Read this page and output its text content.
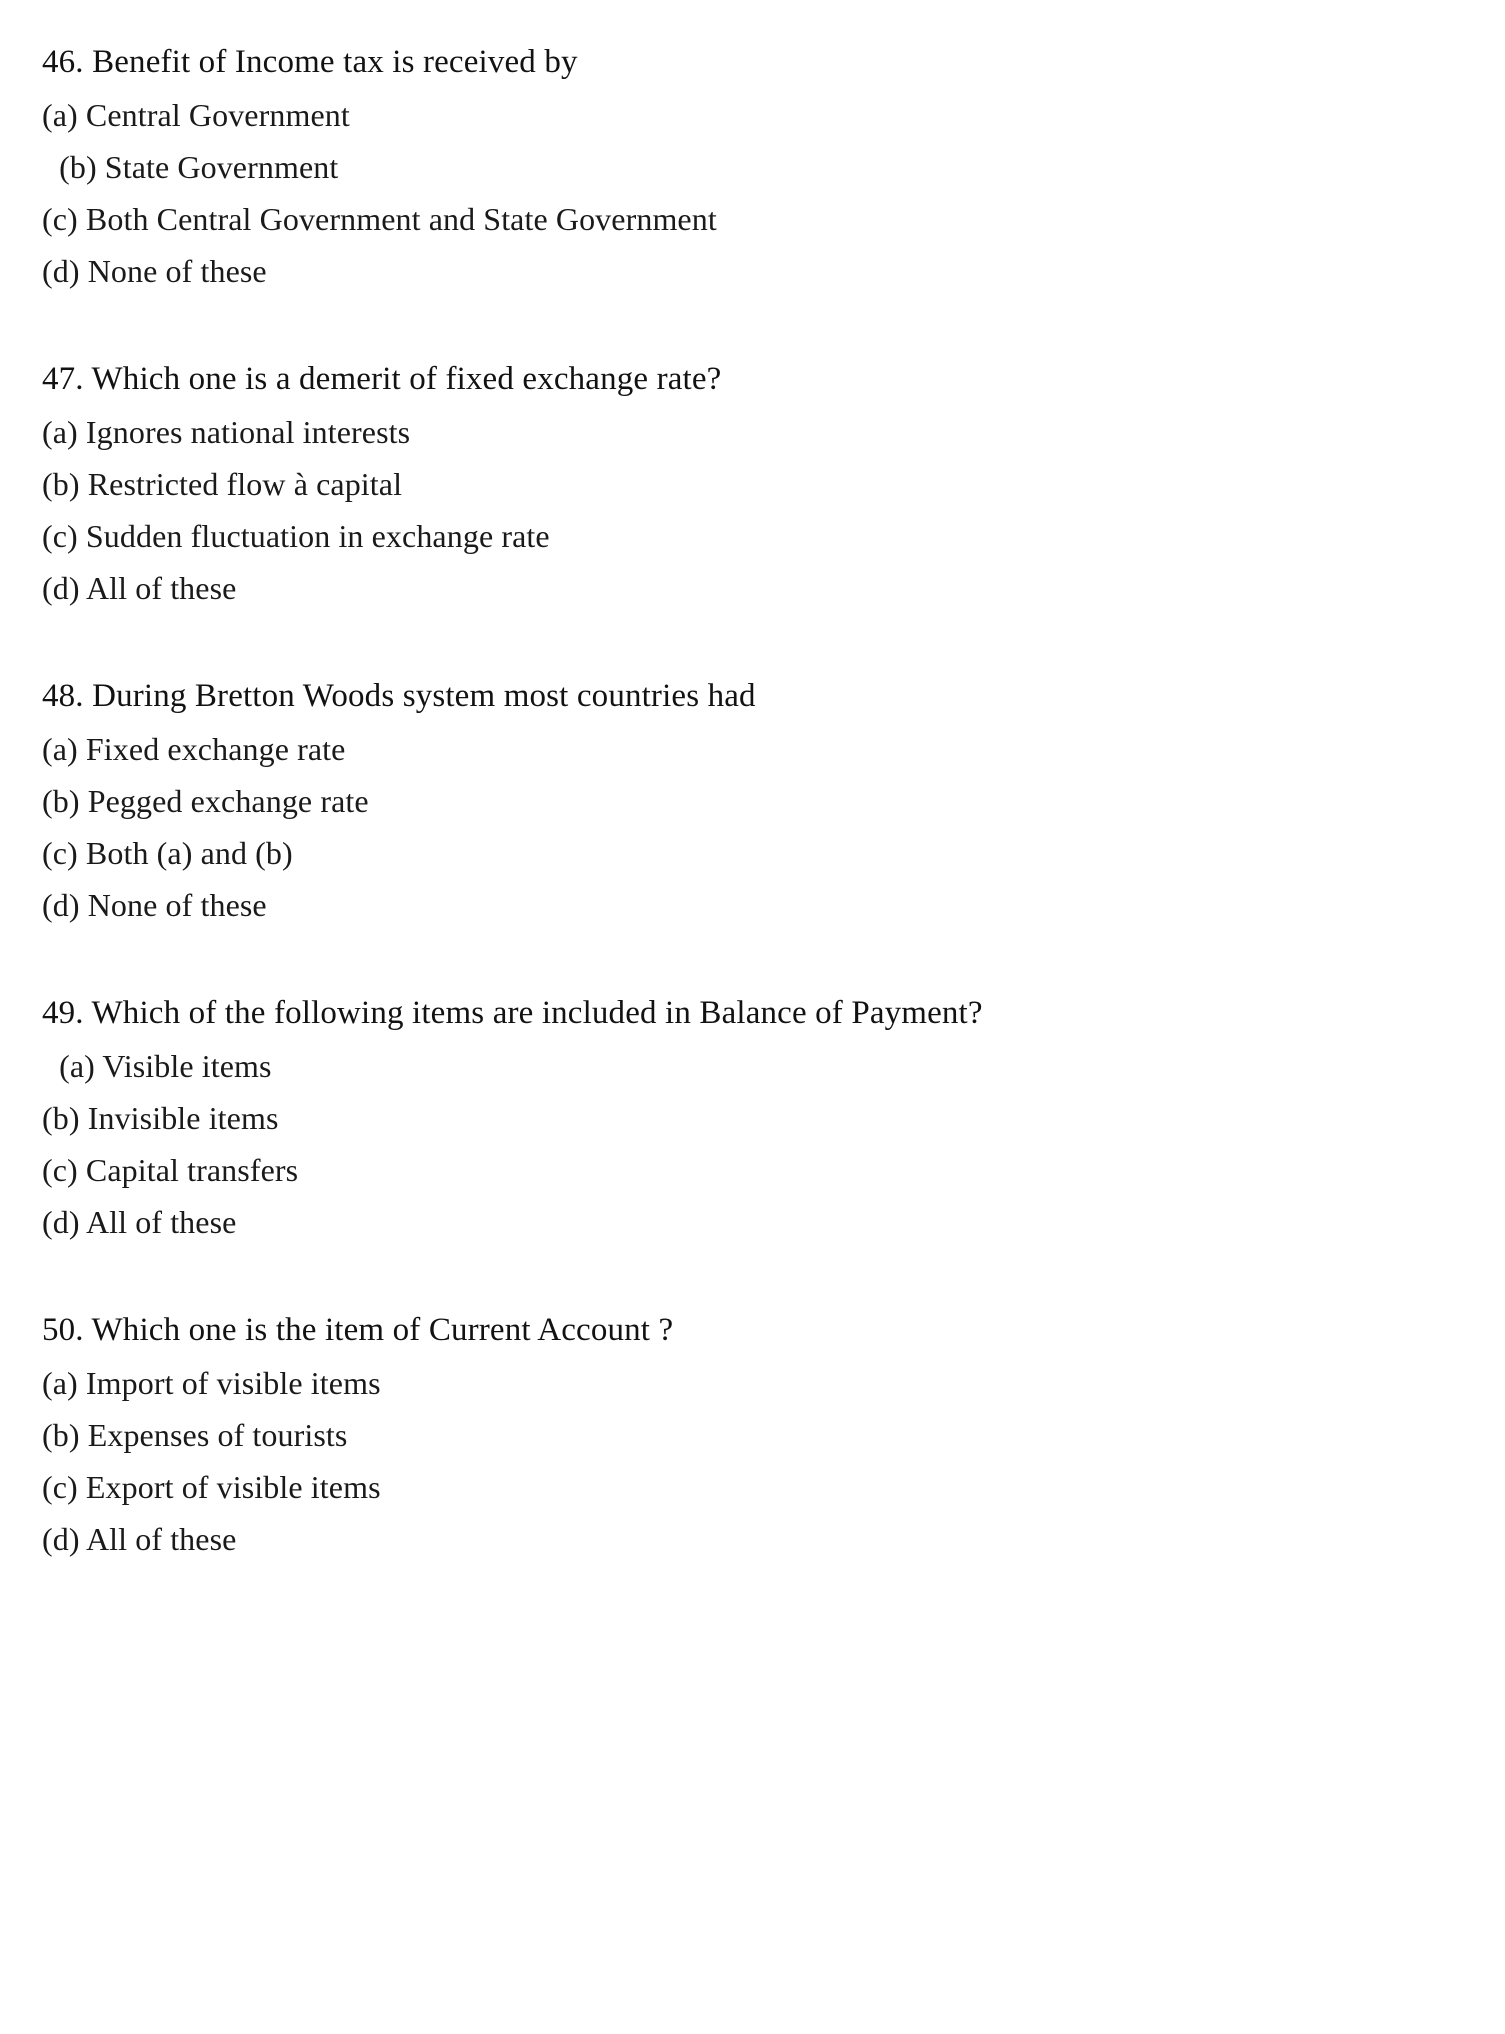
46. Benefit of Income tax is received by

(a) Central Government

(b) State Government

(c) Both Central Government and State Government

(d) None of these

47. Which one is a demerit of fixed exchange rate?

(a) Ignores national interests

(b) Restricted flow à capital

(c) Sudden fluctuation in exchange rate

(d) All of these

48. During Bretton Woods system most countries had

(a) Fixed exchange rate

(b) Pegged exchange rate

(c) Both (a) and (b)

(d) None of these

49. Which of the following items are included in Balance of Payment?

(a) Visible items

(b) Invisible items

(c) Capital transfers

(d) All of these

50. Which one is the item of Current Account ?

(a) Import of visible items

(b) Expenses of tourists

(c) Export of visible items

(d) All of these
